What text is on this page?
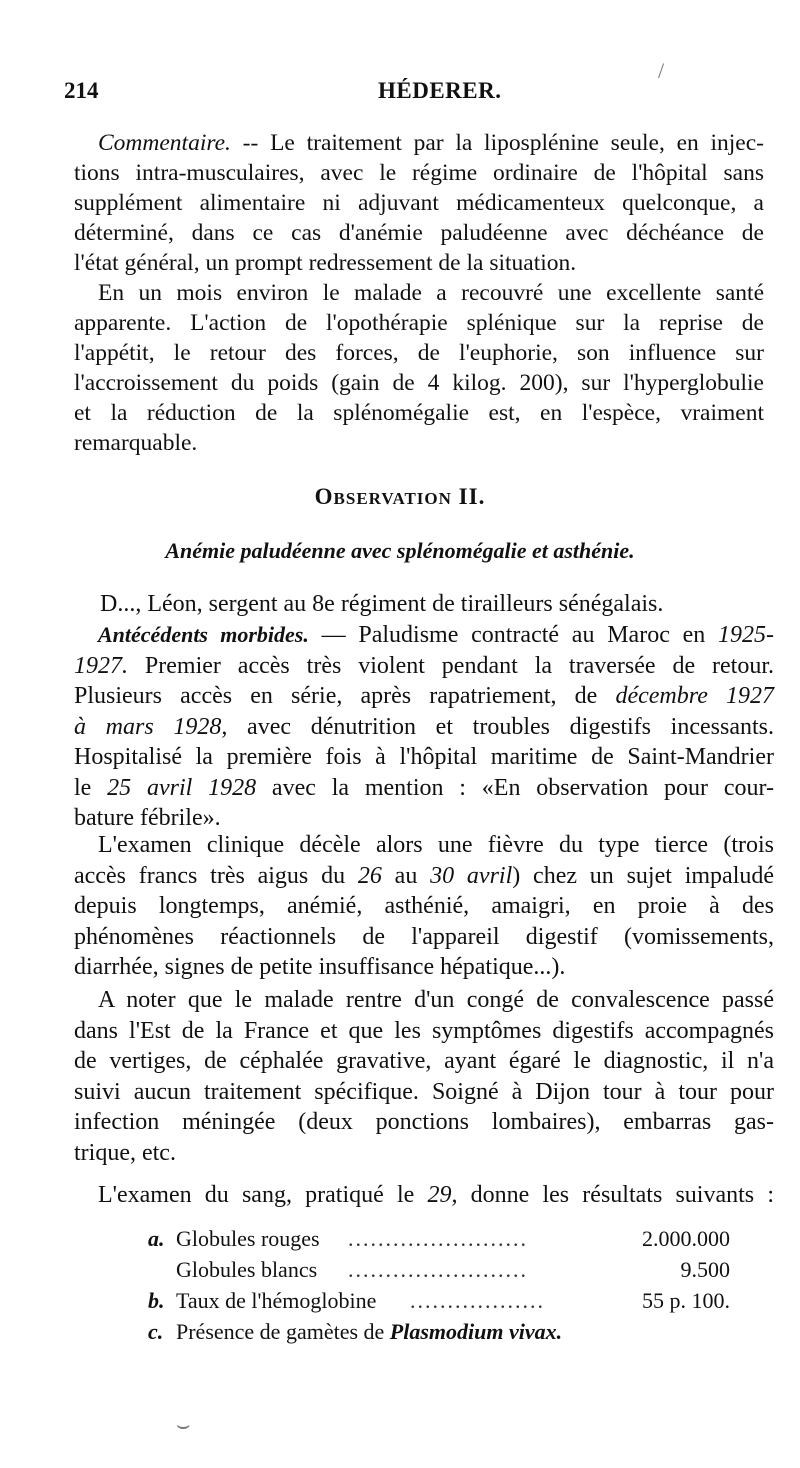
214	HÉDERER.
Commentaire. -- Le traitement par la liposplénine seule, en injec-
tions intra-musculaires, avec le régime ordinaire de l'hôpital sans
supplément alimentaire ni adjuvant médicamenteux quelconque, a
déterminé, dans ce cas d'anémie paludéenne avec déchéance de
l'état général, un prompt redressement de la situation.
En un mois environ le malade a recouvré une excellente santé
apparente. L'action de l'opothérapie splénique sur la reprise de
l'appétit, le retour des forces, de l'euphorie, son influence sur
l'accroissement du poids (gain de 4 kilog. 200), sur l'hyperglobulie
et la réduction de la splénomégalie est, en l'espèce, vraiment
remarquable.
OBSERVATION II.
Anémie paludéenne avec splénomégalie et asthénie.
D..., Léon, sergent au 8e régiment de tirailleurs sénégalais.
Antécédents morbides. — Paludisme contracté au Maroc en 1925-
1927. Premier accès très violent pendant la traversée de retour.
Plusieurs accès en série, après rapatriement, de décembre 1927
à mars 1928, avec dénutrition et troubles digestifs incessants.
Hospitalisé la première fois à l'hôpital maritime de Saint-Mandrier
le 25 avril 1928 avec la mention : «En observation pour cour-
bature fébrile».
L'examen clinique décèle alors une fièvre du type tierce (trois
accès francs très aigus du 26 au 30 avril) chez un sujet impaludé
depuis longtemps, anémié, asthénié, amaigri, en proie à des
phénomènes réactionnels de l'appareil digestif (vomissements,
diarrhée, signes de petite insuffisance hépatique...).
A noter que le malade rentre d'un congé de convalescence passé
dans l'Est de la France et que les symptômes digestifs accompagnés
de vertiges, de céphalée gravative, ayant égaré le diagnostic, il n'a
suivi aucun traitement spécifique. Soigné à Dijon tour à tour pour
infection méningée (deux ponctions lombaires), embarras gas-
trique, etc.
L'examen du sang, pratiqué le 29, donne les résultats suivants :
a. Globules rouges ........................	2.000.000
Globules blancs ........................	9.500
b. Taux de l'hémoglobine ..................	55 p. 100.
c. Présence de gamètes de Plasmodium vivax.
/
⌣
